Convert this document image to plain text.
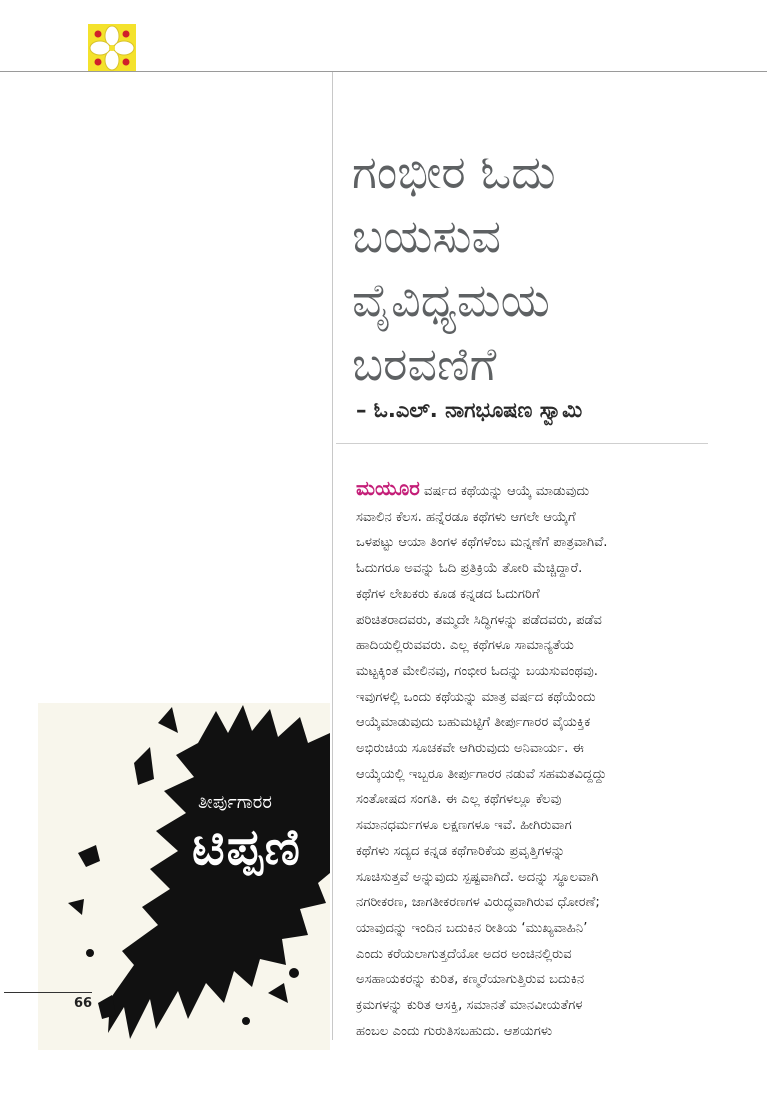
ಗಂಭೀರ ಓದು
ಬಯಸುವ
ವೈವಿಧ್ಯಮಯ
ಬರವಣಿಗೆ

– ಓ.ಎಲ್. ನಾಗಭೂಷಣ ಸ್ವಾಮಿ

ಮಯೂರ ವರ್ಷದ ಕಥೆಯನ್ನು ಆಯ್ಕೆ ಮಾಡುವುದು
ಸವಾಲಿನ ಕೆಲಸ. ಹನ್ನೆರಡೂ ಕಥೆಗಳು ಆಗಲೇ ಆಯ್ಕೆಗೆ
ಒಳಪಟ್ಟು ಆಯಾ ತಿಂಗಳ ಕಥೆಗಳೆಂಬ ಮನ್ನಣೆಗೆ ಪಾತ್ರವಾಗಿವೆ.
ಓದುಗರೂ ಅವನ್ನು ಓದಿ ಪ್ರತಿಕ್ರಿಯೆ ತೋರಿ ಮೆಚ್ಚಿದ್ದಾರೆ.
ಕಥೆಗಳ ಲೇಖಕರು ಕೂಡ ಕನ್ನಡದ ಓದುಗರಿಗೆ
ಪರಿಚಿತರಾದವರು, ತಮ್ಮದೇ ಸಿದ್ಧಿಗಳನ್ನು ಪಡೆದವರು, ಪಡೆವ
ಹಾದಿಯಲ್ಲಿರುವವರು. ಎಲ್ಲ ಕಥೆಗಳೂ ಸಾಮಾನ್ಯತೆಯ
ಮಟ್ಟಕ್ಕಿಂತ ಮೇಲಿನವು, ಗಂಭೀರ ಓದನ್ನು ಬಯಸುವಂಥವು.
ಇವುಗಳಲ್ಲಿ ಒಂದು ಕಥೆಯನ್ನು ಮಾತ್ರ ವರ್ಷದ ಕಥೆಯೆಂದು
ಆಯ್ಕೆಮಾಡುವುದು ಬಹುಮಟ್ಟಿಗೆ ತೀರ್ಪುಗಾರರ ವೈಯಕ್ತಿಕ
ಅಭಿರುಚಿಯ ಸೂಚಕವೇ ಆಗಿರುವುದು ಅನಿವಾರ್ಯ. ಈ
ಆಯ್ಕೆಯಲ್ಲಿ ಇಬ್ಬರೂ ತೀರ್ಪುಗಾರರ ನಡುವೆ ಸಹಮತವಿದ್ದದ್ದು
ಸಂತೋಷದ ಸಂಗತಿ. ಈ ಎಲ್ಲ ಕಥೆಗಳಲ್ಲೂ ಕೆಲವು
ಸಮಾನಧರ್ಮಗಳೂ ಲಕ್ಷಣಗಳೂ ಇವೆ. ಹೀಗಿರುವಾಗ
ಕಥೆಗಳು ಸದ್ಯದ ಕನ್ನಡ ಕಥೆಗಾರಿಕೆಯ ಪ್ರವೃತ್ತಿಗಳನ್ನು
ಸೂಚಿಸುತ್ತವೆ ಅನ್ನುವುದು ಸ್ಪಷ್ಟವಾಗಿದೆ. ಅದನ್ನು ಸ್ಥೂಲವಾಗಿ
ನಗರೀಕರಣ, ಜಾಗತೀಕರಣಗಳ ವಿರುದ್ಧವಾಗಿರುವ ಧೋರಣೆ;
ಯಾವುದನ್ನು ಇಂದಿನ ಬದುಕಿನ ರೀತಿಯ ‘ಮುಖ್ಯವಾಹಿನಿ’
ಎಂದು ಕರೆಯಲಾಗುತ್ತದೆಯೋ ಅದರ ಅಂಚಿನಲ್ಲಿರುವ
ಅಸಹಾಯಕರನ್ನು ಕುರಿತ, ಕಣ್ಮರೆಯಾಗುತ್ತಿರುವ ಬದುಕಿನ
ಕ್ರಮಗಳನ್ನು ಕುರಿತ ಆಸಕ್ತಿ, ಸಮಾನತೆ ಮಾನವೀಯತೆಗಳ
ಹಂಬಲ ಎಂದು ಗುರುತಿಸಬಹುದು. ಆಶಯಗಳು

ತೀರ್ಪುಗಾರರ

ಟಿಪ್ಪಣಿ

66
